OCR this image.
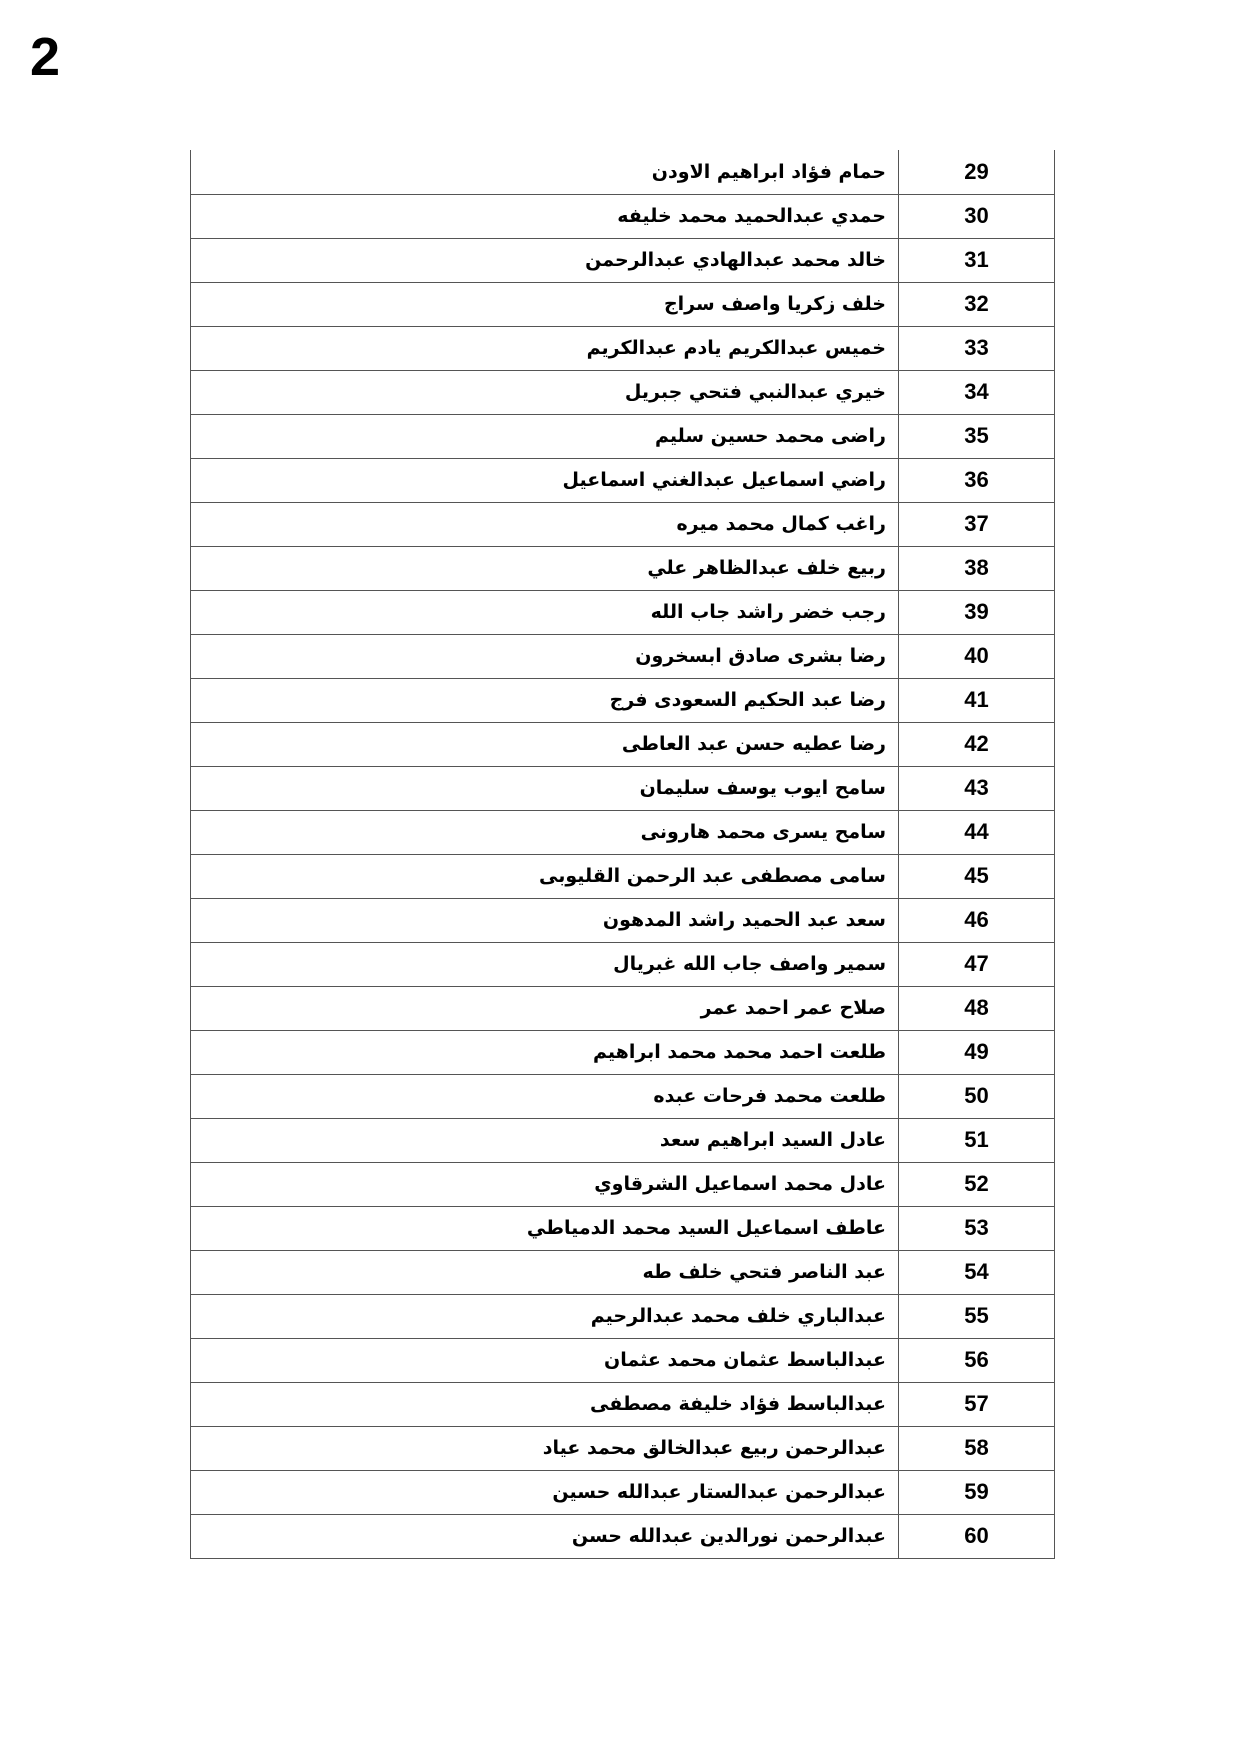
2
حمام فؤاد ابراهيم الاودن	29
حمدي عبدالحميد محمد خليفه	30
خالد محمد عبدالهادي عبدالرحمن	31
خلف زكريا واصف سراج	32
خميس عبدالكريم يادم عبدالكريم	33
خيري عبدالنبي فتحي جبريل	34
راضى محمد حسين سليم	35
راضي اسماعيل عبدالغني اسماعيل	36
راغب كمال محمد ميره	37
ربيع خلف عبدالظاهر علي	38
رجب خضر راشد جاب الله	39
رضا بشرى صادق ابسخرون	40
رضا عبد الحكيم السعودى فرج	41
رضا عطيه حسن عبد العاطى	42
سامح ايوب يوسف سليمان	43
سامح يسرى محمد هارونى	44
سامى مصطفى عبد الرحمن القليوبى	45
سعد عبد الحميد راشد المدهون	46
سمير واصف جاب الله غبريال	47
صلاح عمر احمد عمر	48
طلعت احمد محمد محمد ابراهيم	49
طلعت محمد فرحات عبده	50
عادل السيد ابراهيم سعد	51
عادل محمد اسماعيل الشرقاوي	52
عاطف اسماعيل السيد محمد الدمياطي	53
عبد الناصر فتحي خلف طه	54
عبدالباري خلف محمد عبدالرحيم	55
عبدالباسط عثمان محمد عثمان	56
عبدالباسط فؤاد خليفة مصطفى	57
عبدالرحمن ربيع عبدالخالق محمد عياد	58
عبدالرحمن عبدالستار عبدالله حسين	59
عبدالرحمن نورالدين عبدالله حسن	60
